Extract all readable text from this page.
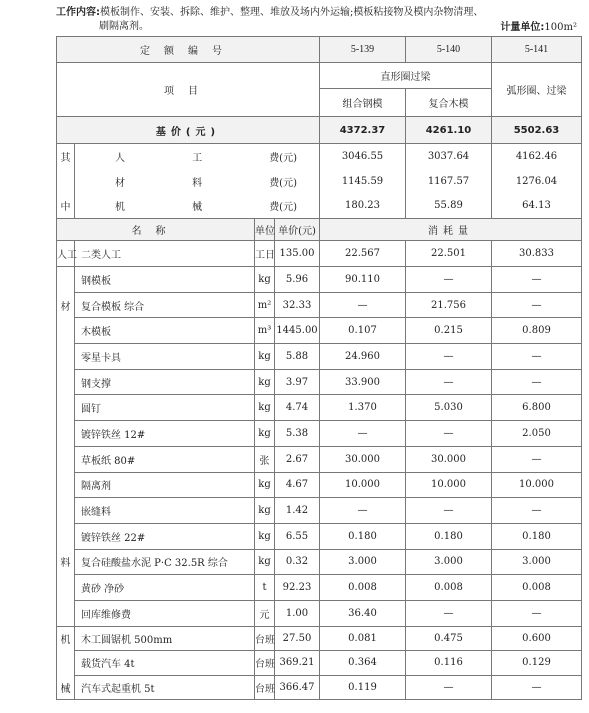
工作内容:模板制作、安装、拆除、维护、整理、堆放及场内外运输;模板粘接物及模内杂物清理、
刷隔离剂。	计量单位:100m²
定额编号				5-139	5-140	5-141
项目				直形圈过梁		弧形圈、过梁
				组合钢模	复合木模	
基价(元)				4372.37	4261.10	5502.63
其	人 工 费(元)			3046.55	3037.64	4162.46

	材 料 费(元)			1145.59	1167.57	1276.04
中	机 械 费(元)			180.23	55.89	64.13
名称		单位	单价(元)	消耗量		
人工	二类人工	工日	135.00	22.567	22.501	30.833
	钢模板	kg	5.96	90.110	—	—
材	复合模板 综合	m²	32.33	—	21.756	—
	木模板	m³	1445.00	0.107	0.215	0.809
	零星卡具	kg	5.88	24.960	—	—
	钢支撑	kg	3.97	33.900	—	—
	圆钉	kg	4.74	1.370	5.030	6.800
	镀锌铁丝 12#	kg	5.38	—	—	2.050
	草板纸 80#	张	2.67	30.000	30.000	—
	隔离剂	kg	4.67	10.000	10.000	10.000
	嵌缝料	kg	1.42	—	—	—
	镀锌铁丝 22#	kg	6.55	0.180	0.180	0.180
料	复合硅酸盐水泥 P·C 32.5R 综合	kg	0.32	3.000	3.000	3.000
	黄砂 净砂	t	92.23	0.008	0.008	0.008
	回库维修费	元	1.00	36.40	—	—
机	木工圆锯机 500mm	台班	27.50	0.081	0.475	0.600
	载货汽车 4t	台班	369.21	0.364	0.116	0.129
械	汽车式起重机 5t	台班	366.47	0.119	—	—
